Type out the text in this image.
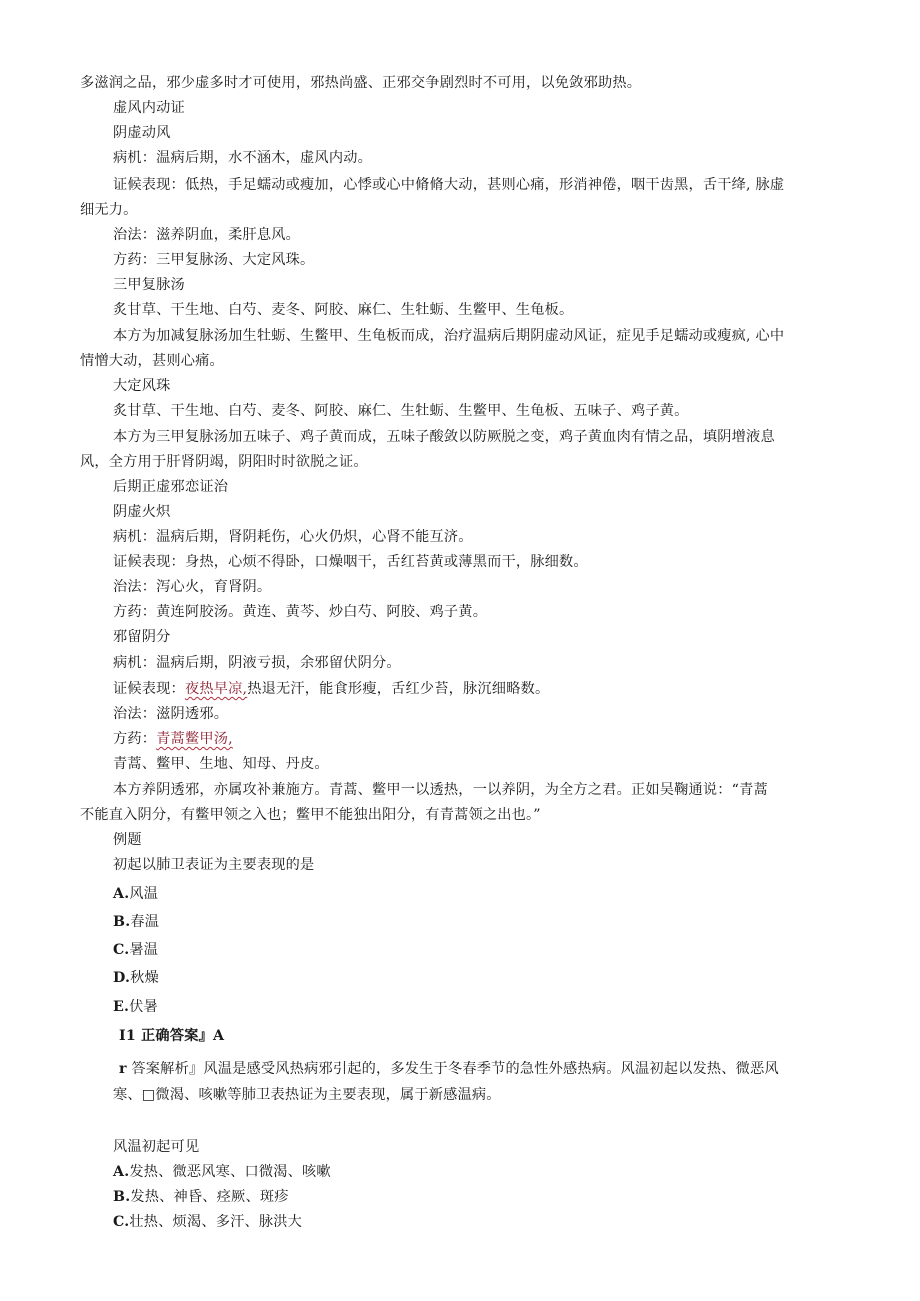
多滋润之品，邪少虚多时才可使用，邪热尚盛、正邪交争剧烈时不可用，以免敛邪助热。
虚风内动证
阴虚动风
病机：温病后期，水不涵木，虚风内动。
证候表现：低热，手足蠕动或瘦加，心悸或心中脩脩大动，甚则心痛，形消神倦，咽干齿黑，舌干绛, 脉虚
细无力。
治法：滋养阴血，柔肝息风。
方药：三甲复脉汤、大定风珠。
三甲复脉汤
炙甘草、干生地、白芍、麦冬、阿胶、麻仁、生牡蛎、生鳖甲、生龟板。
本方为加减复脉汤加生牡蛎、生鳖甲、生龟板而成，治疗温病后期阴虚动风证，症见手足蠕动或瘦疯, 心中
情憎大动，甚则心痛。
大定风珠
炙甘草、干生地、白芍、麦冬、阿胶、麻仁、生牡蛎、生鳖甲、生龟板、五味子、鸡子黄。
本方为三甲复脉汤加五味子、鸡子黄而成，五味子酸敛以防厥脱之变，鸡子黄血肉有情之品，填阴增液息
风，全方用于肝肾阴竭，阴阳时时欲脱之证。
后期正虚邪恋证治
阴虚火炽
病机：温病后期，肾阴耗伤，心火仍炽，心肾不能互济。
证候表现：身热，心烦不得卧，口燥咽干，舌红苔黄或薄黑而干，脉细数。
治法：泻心火，育肾阴。
方药：黄连阿胶汤。黄连、黄芩、炒白芍、阿胶、鸡子黄。
邪留阴分
病机：温病后期，阴液亏损，余邪留伏阴分。
证候表现：夜热早凉,热退无汗，能食形瘦，舌红少苔，脉沉细略数。
治法：滋阴透邪。
方药：青蒿鳖甲汤,
青蒿、鳖甲、生地、知母、丹皮。
本方养阴透邪，亦属攻补兼施方。青蒿、鳖甲一以透热，一以养阴，为全方之君。正如吴鞠通说：“青蒿
不能直入阴分，有鳖甲领之入也；鳖甲不能独出阳分，有青蒿领之出也。”
例题
初起以肺卫表证为主要表现的是
A.风温
B.春温
C.暑温
D.秋燥
E.伏暑
I1 正确答案』A
r 答案解析』风温是感受风热病邪引起的，多发生于冬春季节的急性外感热病。风温初起以发热、微恶风
寒、□微渴、咳嗽等肺卫表热证为主要表现，属于新感温病。
风温初起可见
A.发热、微恶风寒、口微渴、咳嗽
B.发热、神昏、痉厥、斑疹
C.壮热、烦渴、多汗、脉洪大
